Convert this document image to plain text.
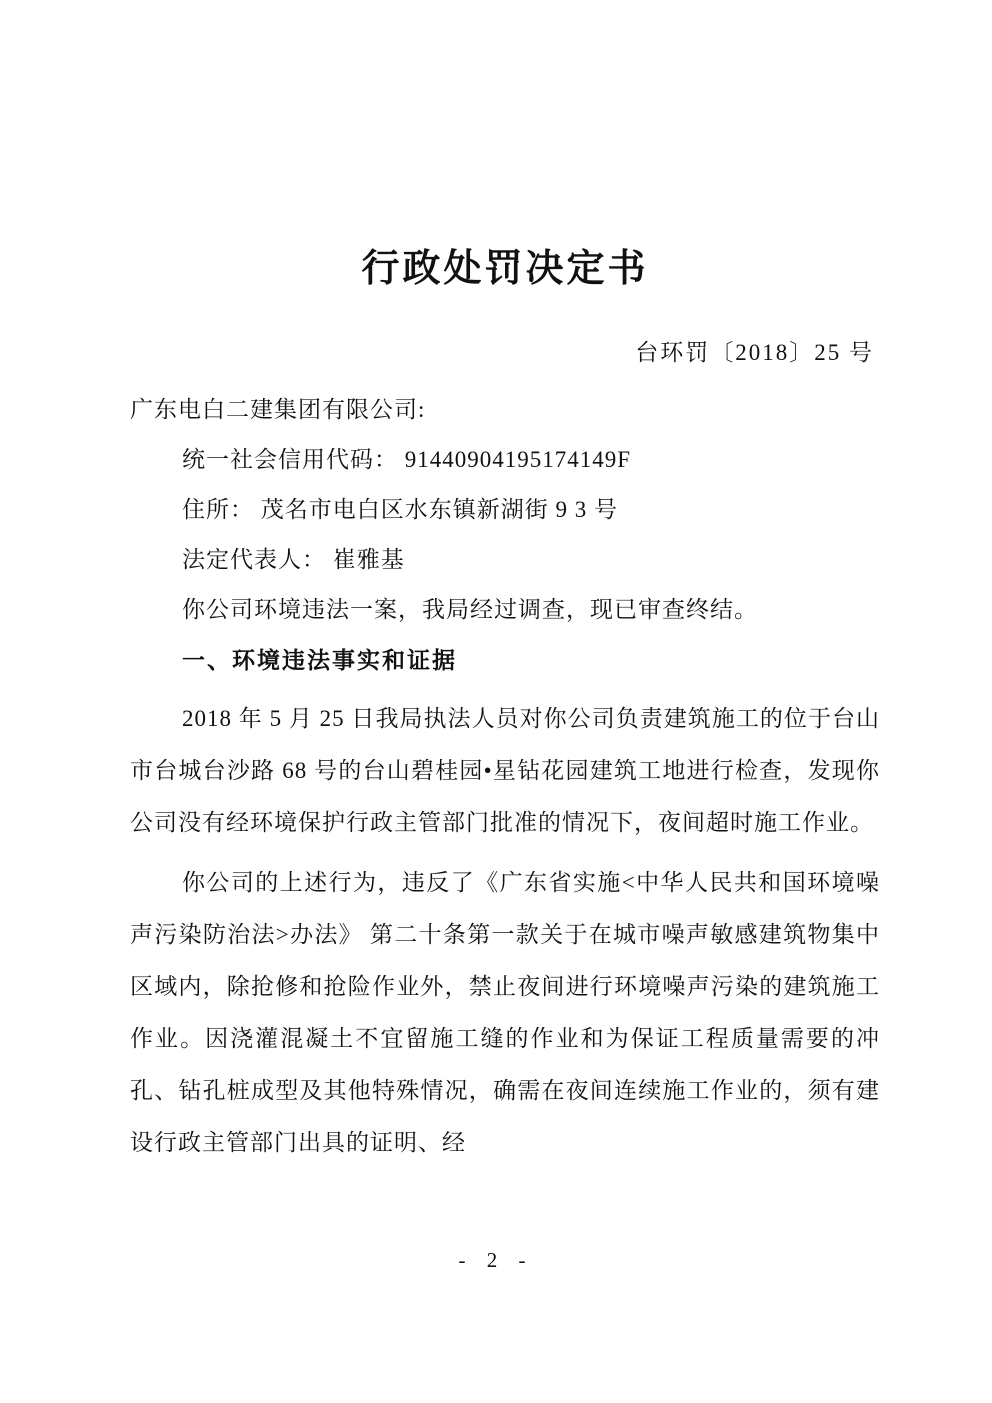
行政处罚决定书
台环罚〔2018〕25 号
广东电白二建集团有限公司:
统一社会信用代码： 91440904195174149F
住所： 茂名市电白区水东镇新湖街 9 3 号
法定代表人： 崔雅基
你公司环境违法一案，我局经过调查，现已审查终结。
一、环境违法事实和证据

2018 年 5 月 25 日我局执法人员对你公司负责建筑施工的位于台山市台城台沙路 68 号的台山碧桂园•星钻花园建筑工地进行检查，发现你公司没有经环境保护行政主管部门批准的情况下，夜间超时施工作业。

你公司的上述行为，违反了《广东省实施<中华人民共和国环境噪声污染防治法>办法》 第二十条第一款关于在城市噪声敏感建筑物集中区域内，除抢修和抢险作业外，禁止夜间进行环境噪声污染的建筑施工作业。因浇灌混凝土不宜留施工缝的作业和为保证工程质量需要的冲孔、钻孔桩成型及其他特殊情况，确需在夜间连续施工作业的，须有建设行政主管部门出具的证明、经

- 2 -
